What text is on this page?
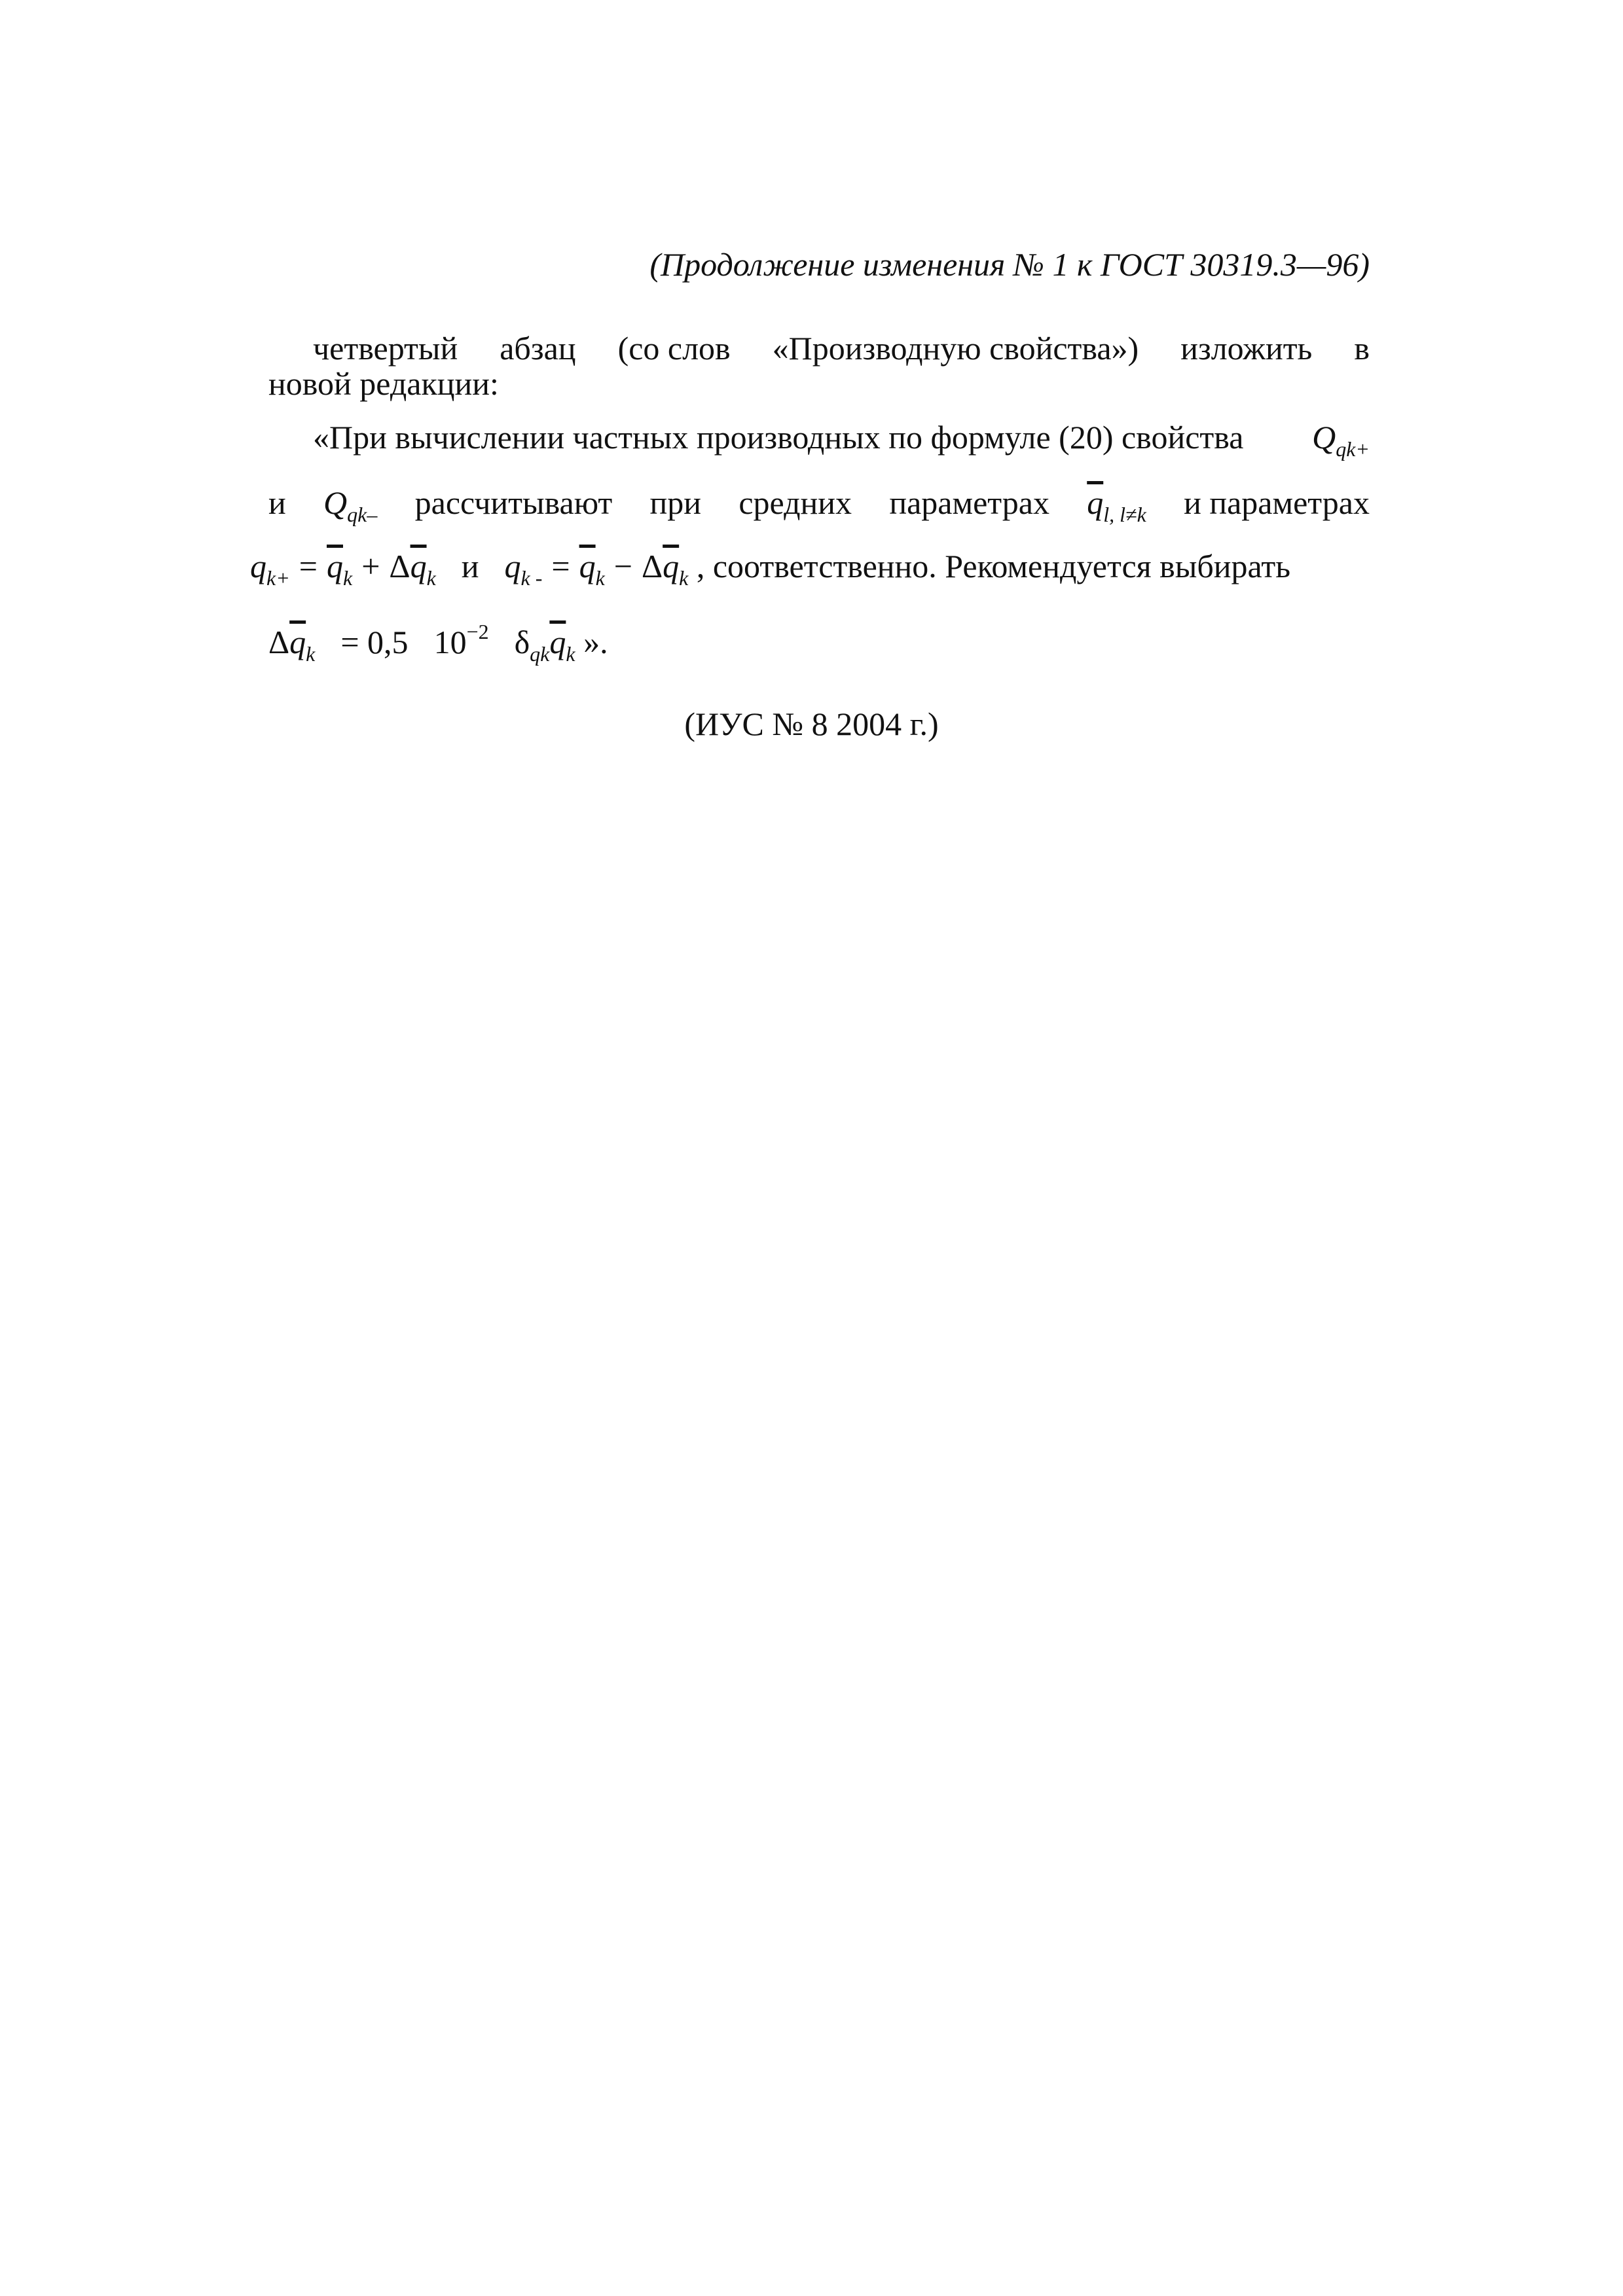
(Продолжение изменения № 1 к ГОСТ 30319.3—96)
четвертый абзац (со слов «Производную свойства») изложить в
новой редакции:
«При вычислении частных производных по формуле (20) свойства $Q_{qk+}$
и $Q_{qk-}$ рассчитывают при средних параметрах $\overline{q}_{l, l\ne k}$ и параметрах
$q_{k+} = \overline{q}_k + \Delta\overline{q}_k$ и $q_{k -} = \overline{q}_k - \Delta\overline{q}_k$ , соответственно. Рекомендуется выбирать
$\Delta\overline{q}_k = 0,5$ $10^{-2}$ $\delta_{qk}\overline{q}_k$ ».
(ИУС № 8 2004 г.)
